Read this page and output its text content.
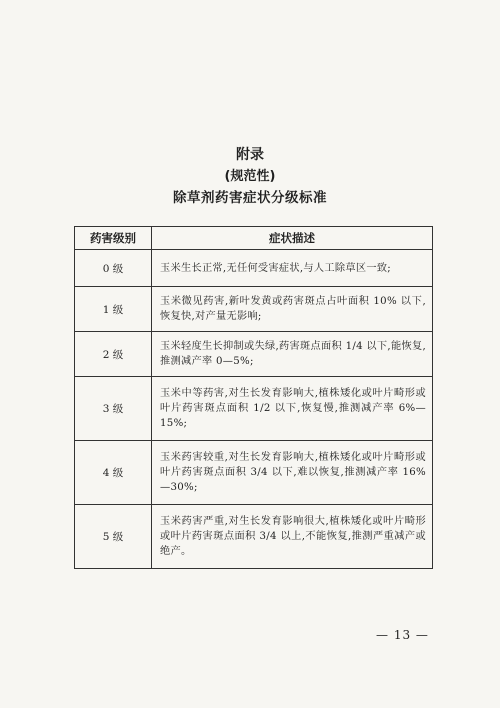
附录
(规范性)
除草剂药害症状分级标准
药害级别	症状描述
0 级	玉米生长正常,无任何受害症状,与人工除草区一致;
1 级	玉米微见药害,新叶发黄或药害斑点占叶面积 10% 以下,恢复快,对产量无影响;
2 级	玉米轻度生长抑制或失绿,药害斑点面积 1/4 以下,能恢复,推测减产率 0—5%;
3 级	玉米中等药害,对生长发育影响大,植株矮化或叶片畸形或叶片药害斑点面积 1/2 以下,恢复慢,推测减产率 6%—15%;
4 级	玉米药害较重,对生长发育影响大,植株矮化或叶片畸形或叶片药害斑点面积 3/4 以下,难以恢复,推测减产率 16%—30%;
5 级	玉米药害严重,对生长发育影响很大,植株矮化或叶片畸形或叶片药害斑点面积 3/4 以上,不能恢复,推测严重减产或绝产。
— 13 —
